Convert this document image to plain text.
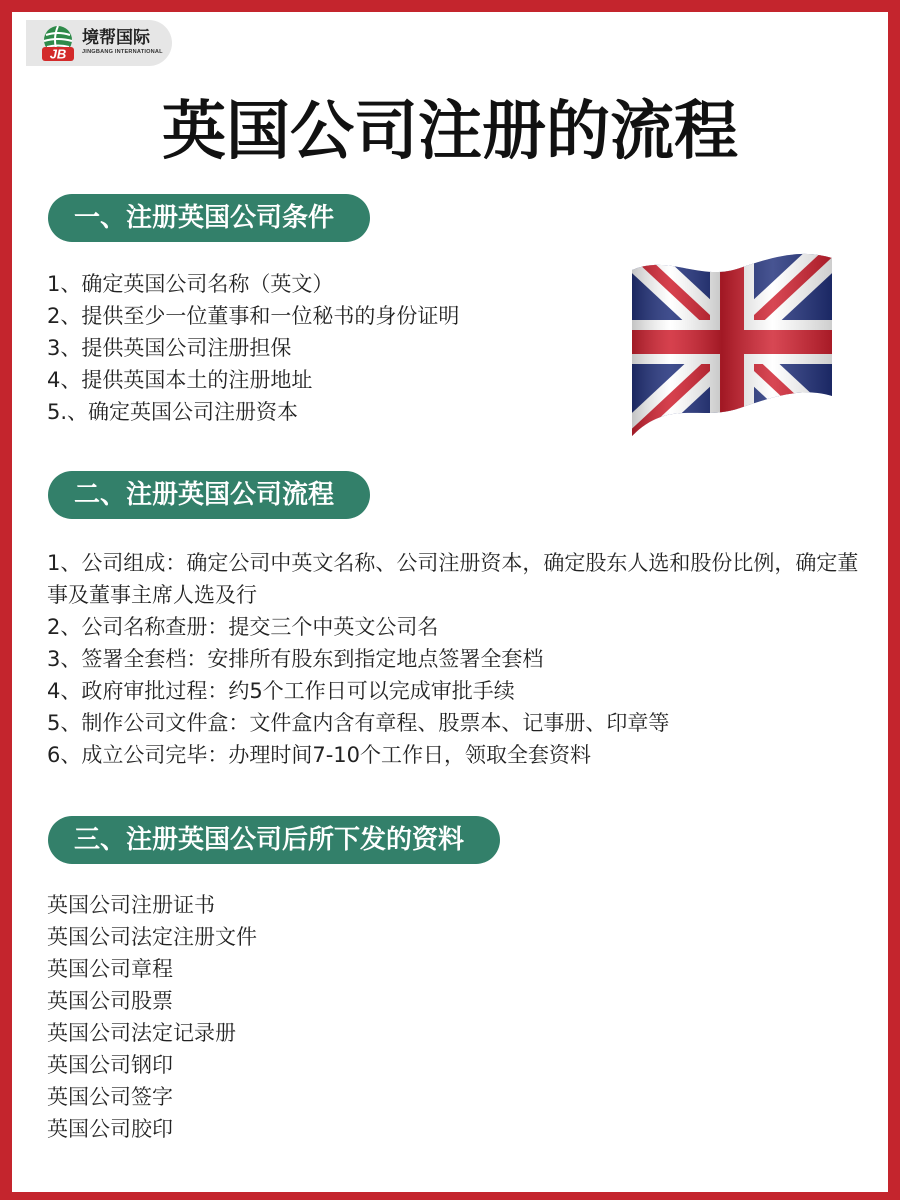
JB
境帮国际
JINGBANG INTERNATIONAL
英国公司注册的流程
一、注册英国公司条件
1、确定英国公司名称（英文）
2、提供至少一位董事和一位秘书的身份证明
3、提供英国公司注册担保
4、提供英国本土的注册地址
5.、确定英国公司注册资本
二、注册英国公司流程
1、公司组成：确定公司中英文名称、公司注册资本，确定股东人选和股份比例，确定董事及董事主席人选及行
2、公司名称查册：提交三个中英文公司名
3、签署全套档：安排所有股东到指定地点签署全套档
4、政府审批过程：约5个工作日可以完成审批手续
5、制作公司文件盒：文件盒内含有章程、股票本、记事册、印章等
6、成立公司完毕：办理时间7-10个工作日，领取全套资料
三、注册英国公司后所下发的资料
英国公司注册证书
英国公司法定注册文件
英国公司章程
英国公司股票
英国公司法定记录册
英国公司钢印
英国公司签字
英国公司胶印
